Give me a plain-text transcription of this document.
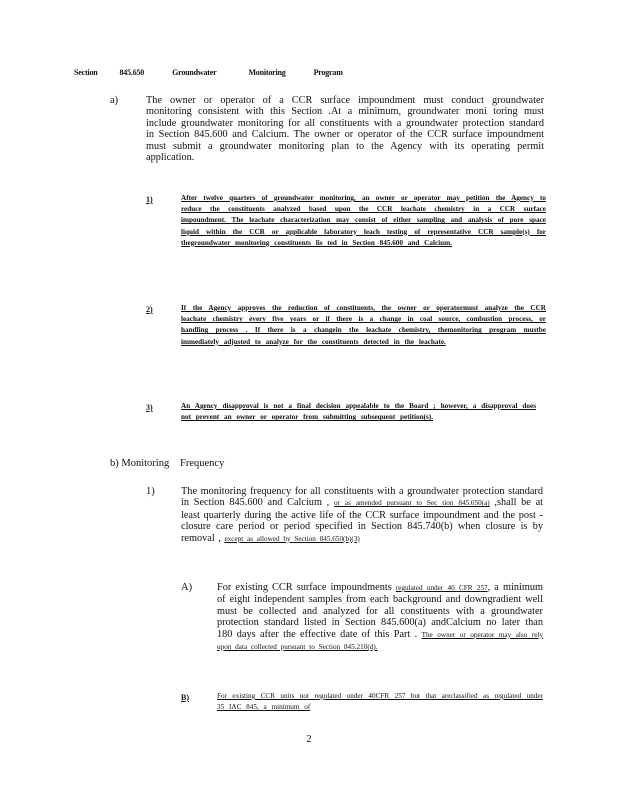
Section	845.650	Groundwater	Monitoring	Program
a)	The owner or operator of a CCR surface impoundment must conduct groundwater monitoring consistent with this Section .At a minimum, groundwater moni toring must include groundwater monitoring for all constituents with a groundwater protection standard in Section 845.600 and Calcium. The owner or operator of the CCR surface impoundment must submit a groundwater monitoring plan to the Agency with its operating permit application.
1)	After twelve quarters of groundwater monitoring, an owner or operator may petition the Agency to reduce the constituents analyzed based upon the CCR leachate chemistry in a CCR surface impoundment. The leachate characterization may consist of either sampling and analysis of pore space liquid within the CCR or applicable laboratory leach testing of representative CCR sample(s) for thegroundwater monitoring constituents lis ted in Section 845.600 and Calcium.
2)	If the Agency approves the reduction of constituents, the owner or operatormust analyze the CCR leachate chemistry every five years or if there is a change in coal source, combustion process, or handling process . If there is a changein the leachate chemistry, themonitoring program mustbe immediately adjusted to analyze for the constituents detected in the leachate.
3)	An Agency disapproval is not a final decision appealable to the Board ; however, a disapproval does not prevent an owner or operator from submitting subsequent petition(s).
b) Monitoring Frequency
1)	The monitoring frequency for all constituents with a groundwater protection standard in Section 845.600 and Calcium , or as amended pursuant to Sec tion 845.650(a) ,shall be at least quarterly during the active life of the CCR surface impoundment and the post -closure care period or period specified in Section 845.740(b) when closure is by removal , except as allowed by Section 845.650(b)(3)
A) For existing CCR surface impoundments regulated under 40 CFR 257, a minimum of eight independent samples from each background and downgradient well must be collected and analyzed for all constituents with a groundwater protection standard listed in Section 845.600(a) andCalcium no later than 180 days after the effective date of this Part . The owner or operator may also rely upon data collected pursuant to Section 845.210(d).
B)	For existing CCR units not regulated under 40CFR 257 but that areclassified as regulated under 35 IAC 845, a minimum of
2
